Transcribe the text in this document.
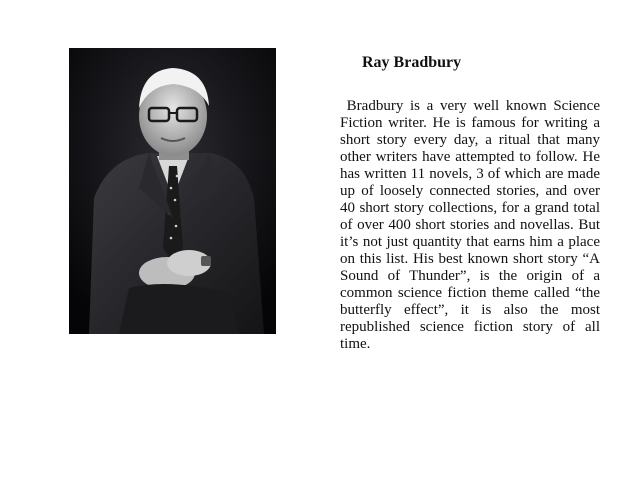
Ray Bradbury

Bradbury is a very well known Science Fiction writer. He is famous for writing a short story every day, a ritual that many other writers have attempted to follow. He has written 11 novels, 3 of which are made up of loosely connected stories, and over 40 short story collections, for a grand total of over 400 short stories and novellas. But it’s not just quantity that earns him a place on this list. His best known short story “A Sound of Thunder”, is the origin of a common science fiction theme called “the butterfly effect”, it is also the most republished science fiction story of all time.
